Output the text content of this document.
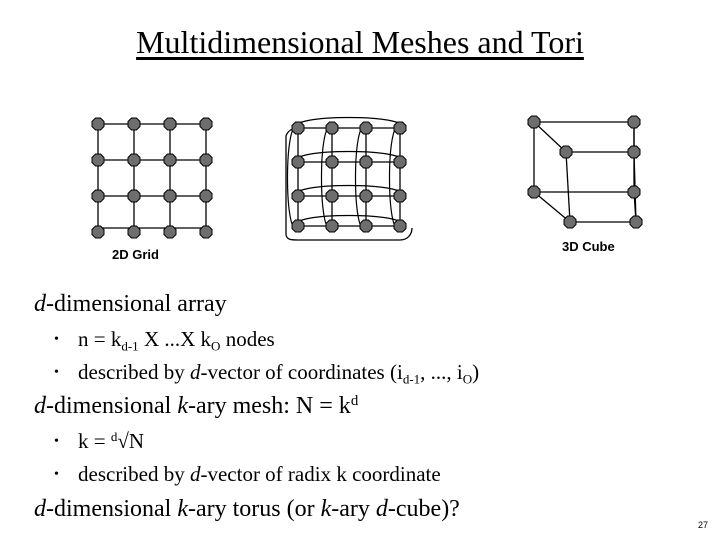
Multidimensional Meshes and Tori
2D Grid
3D Cube
d-dimensional array
• $n = k_{d-1}$ X ...X $k_O$ nodes
• described by d-vector of coordinates ($i_{d-1}$, ..., $i_O$)
d-dimensional k-ary mesh: $N = k^d$
• k = $^d$√N
• described by d-vector of radix k coordinate
d-dimensional k-ary torus (or k-ary d-cube)?
27
